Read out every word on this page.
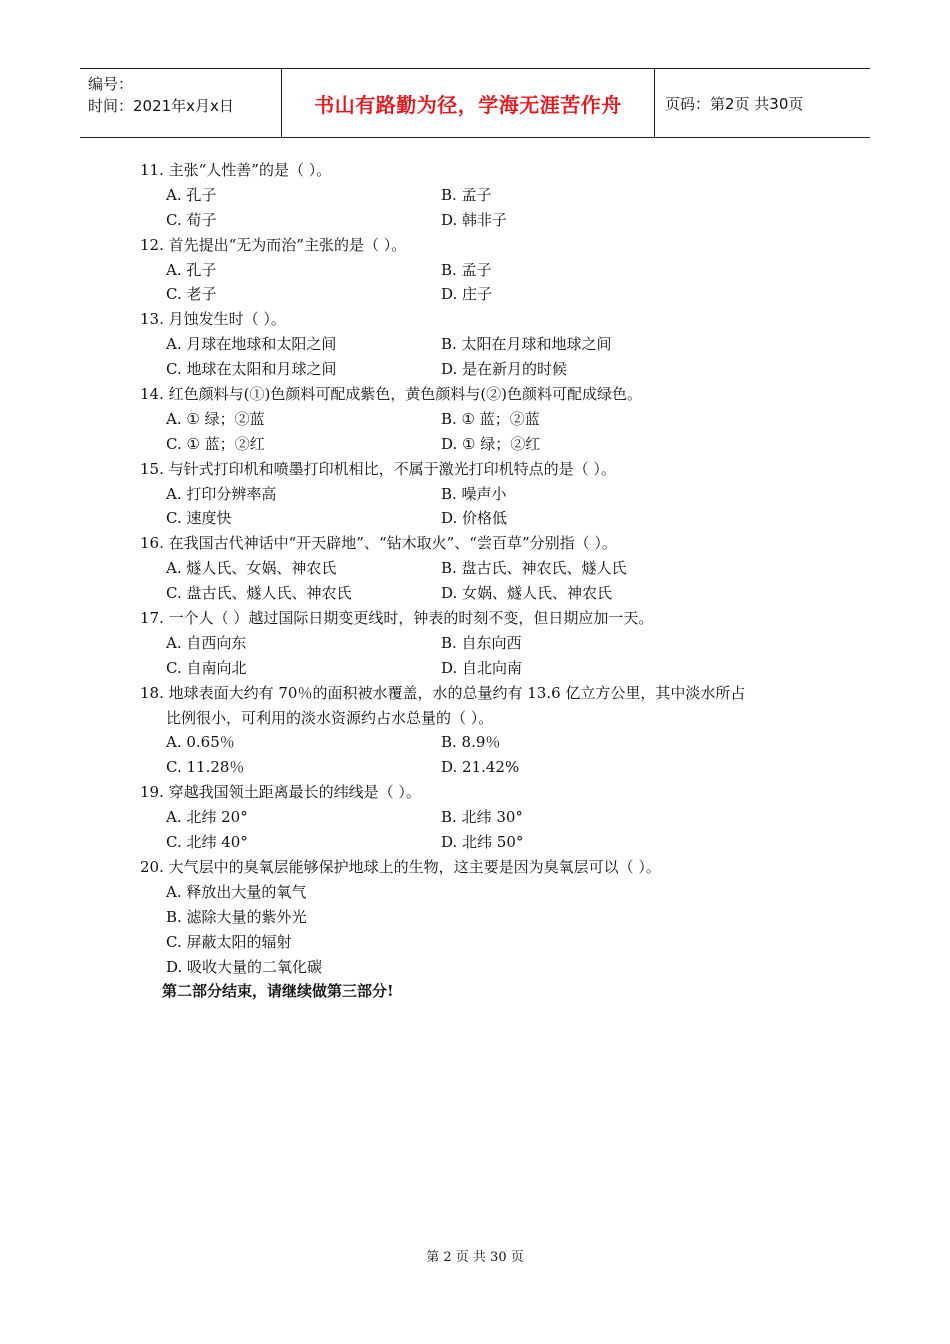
编号：
时间：2021年x月x日	书山有路勤为径，学海无涯苦作舟	页码：第2页 共30页
11. 主张“人性善”的是（ ）。
A. 孔子	B. 孟子
C. 荀子	D. 韩非子
12. 首先提出“无为而治”主张的是（ ）。
A. 孔子	B. 孟子
C. 老子	D. 庄子
13. 月蚀发生时（ ）。
A. 月球在地球和太阳之间	B. 太阳在月球和地球之间
C. 地球在太阳和月球之间	D. 是在新月的时候
14. 红色颜料与(①)色颜料可配成紫色，黄色颜料与(②)色颜料可配成绿色。
A. ① 绿；②蓝	B. ① 蓝；②蓝
C. ① 蓝；②红	D. ① 绿；②红
15. 与针式打印机和喷墨打印机相比，不属于激光打印机特点的是（ ）。
A. 打印分辨率高	B. 噪声小
C. 速度快	D. 价格低
16. 在我国古代神话中“开天辟地”、“钻木取火”、“尝百草”分别指（ ）。
A. 燧人氏、女娲、神农氏	B. 盘古氏、神农氏、燧人氏
C. 盘古氏、燧人氏、神农氏	D. 女娲、燧人氏、神农氏
17. 一个人（ ）越过国际日期变更线时，钟表的时刻不变，但日期应加一天。
A. 自西向东	B. 自东向西
C. 自南向北	D. 自北向南
18. 地球表面大约有 70％的面积被水覆盖，水的总量约有 13.6 亿立方公里，其中淡水所占
比例很小，可利用的淡水资源约占水总量的（ ）。
A. 0.65％	B. 8.9％
C. 11.28％	D. 21.42%
19. 穿越我国领土距离最长的纬线是（ ）。
A. 北纬 20°	B. 北纬 30°
C. 北纬 40°	D. 北纬 50°
20. 大气层中的臭氧层能够保护地球上的生物，这主要是因为臭氧层可以（ ）。
A. 释放出大量的氧气
B. 滤除大量的紫外光
C. 屏蔽太阳的辐射
D. 吸收大量的二氧化碳
第二部分结束，请继续做第三部分!
第 2 页 共 30 页
